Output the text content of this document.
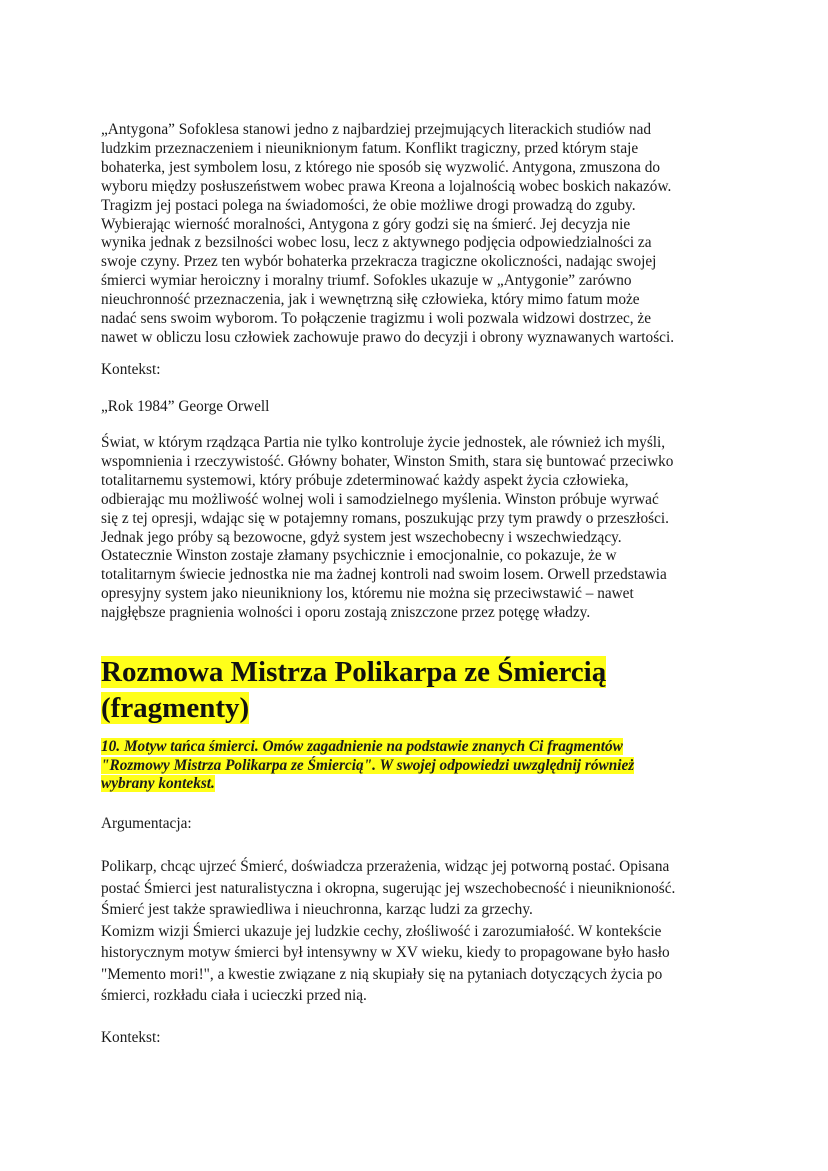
„Antygona” Sofoklesa stanowi jedno z najbardziej przejmujących literackich studiów nad
ludzkim przeznaczeniem i nieuniknionym fatum. Konflikt tragiczny, przed którym staje
bohaterka, jest symbolem losu, z którego nie sposób się wyzwolić. Antygona, zmuszona do
wyboru między posłuszeństwem wobec prawa Kreona a lojalnością wobec boskich nakazów.
Tragizm jej postaci polega na świadomości, że obie możliwe drogi prowadzą do zguby.
Wybierając wierność moralności, Antygona z góry godzi się na śmierć. Jej decyzja nie
wynika jednak z bezsilności wobec losu, lecz z aktywnego podjęcia odpowiedzialności za
swoje czyny. Przez ten wybór bohaterka przekracza tragiczne okoliczności, nadając swojej
śmierci wymiar heroiczny i moralny triumf. Sofokles ukazuje w „Antygonie” zarówno
nieuchronność przeznaczenia, jak i wewnętrzną siłę człowieka, który mimo fatum może
nadać sens swoim wyborom. To połączenie tragizmu i woli pozwala widzowi dostrzec, że
nawet w obliczu losu człowiek zachowuje prawo do decyzji i obrony wyznawanych wartości.
Kontekst:
„Rok 1984” George Orwell
Świat, w którym rządząca Partia nie tylko kontroluje życie jednostek, ale również ich myśli,
wspomnienia i rzeczywistość. Główny bohater, Winston Smith, stara się buntować przeciwko
totalitarnemu systemowi, który próbuje zdeterminować każdy aspekt życia człowieka,
odbierając mu możliwość wolnej woli i samodzielnego myślenia. Winston próbuje wyrwać
się z tej opresji, wdając się w potajemny romans, poszukując przy tym prawdy o przeszłości.
Jednak jego próby są bezowocne, gdyż system jest wszechobecny i wszechwiedzący.
Ostatecznie Winston zostaje złamany psychicznie i emocjonalnie, co pokazuje, że w
totalitarnym świecie jednostka nie ma żadnej kontroli nad swoim losem. Orwell przedstawia
opresyjny system jako nieunikniony los, któremu nie można się przeciwstawić – nawet
najgłębsze pragnienia wolności i oporu zostają zniszczone przez potęgę władzy.
Rozmowa Mistrza Polikarpa ze Śmiercią
(fragmenty)
10. Motyw tańca śmierci. Omów zagadnienie na podstawie znanych Ci fragmentów
"Rozmowy Mistrza Polikarpa ze Śmiercią". W swojej odpowiedzi uwzględnij również
wybrany kontekst.
Argumentacja:
Polikarp, chcąc ujrzeć Śmierć, doświadcza przerażenia, widząc jej potworną postać. Opisana
postać Śmierci jest naturalistyczna i okropna, sugerując jej wszechobecność i nieuniknioność.
Śmierć jest także sprawiedliwa i nieuchronna, karząc ludzi za grzechy.
Komizm wizji Śmierci ukazuje jej ludzkie cechy, złośliwość i zarozumiałość. W kontekście
historycznym motyw śmierci był intensywny w XV wieku, kiedy to propagowane było hasło
"Memento mori!", a kwestie związane z nią skupiały się na pytaniach dotyczących życia po
śmierci, rozkładu ciała i ucieczki przed nią.
Kontekst:
